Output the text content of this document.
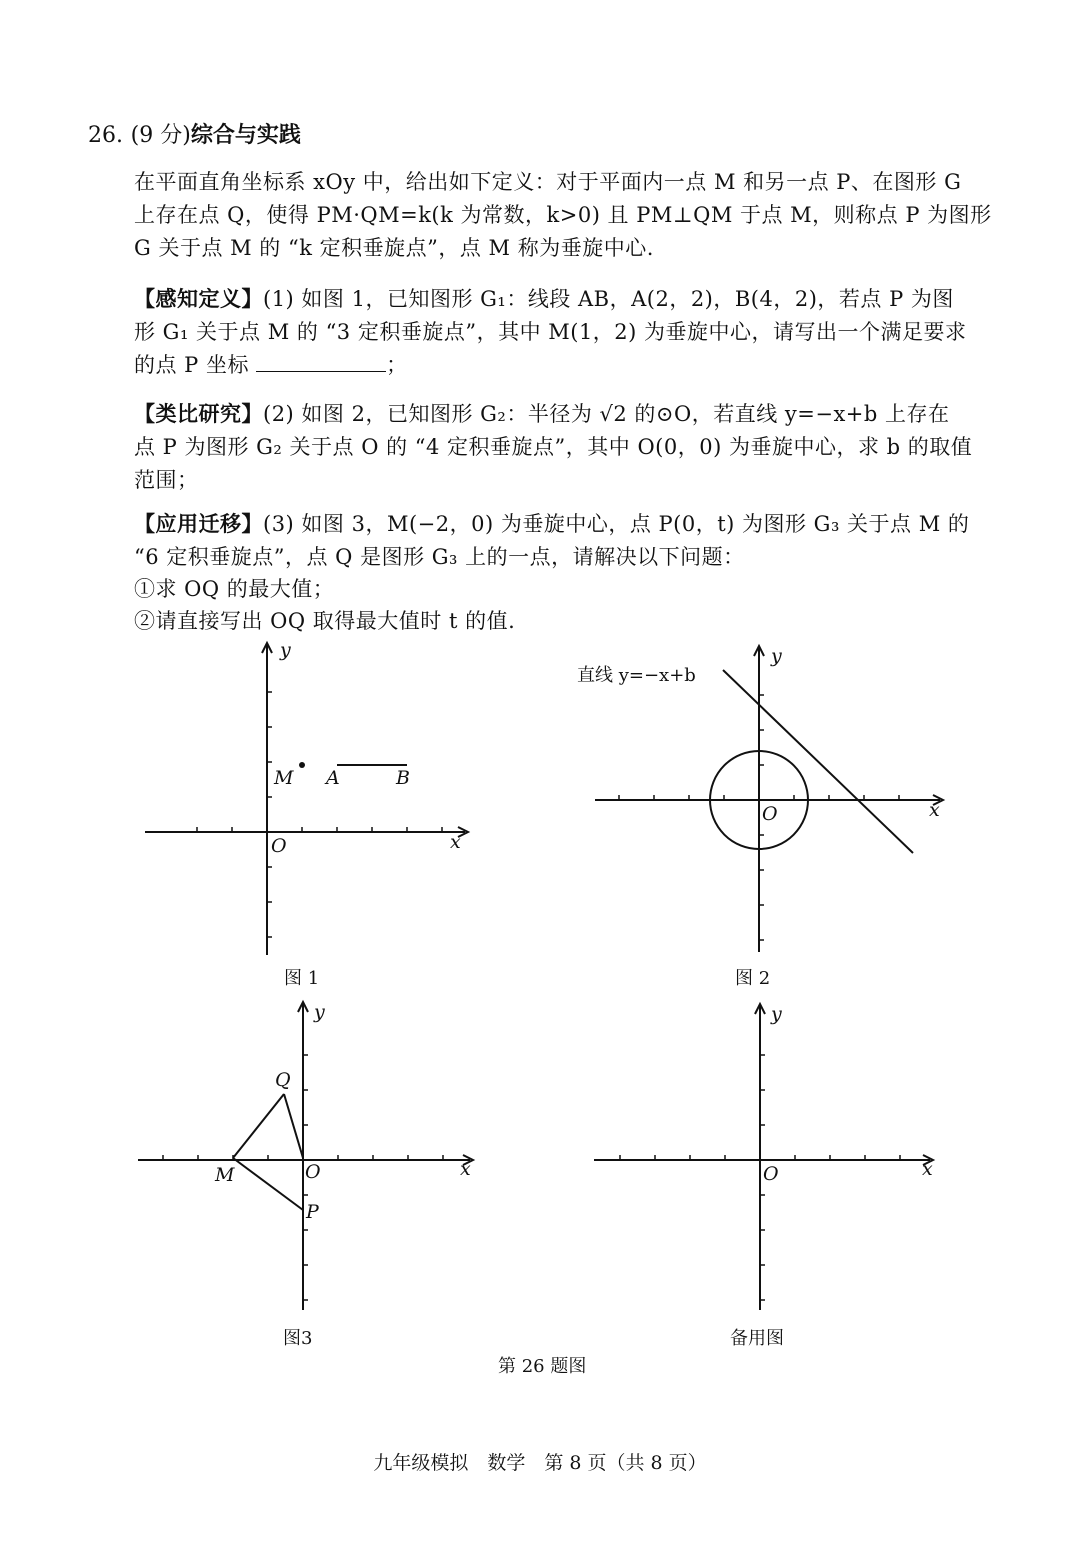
26. (9 分)综合与实践
在平面直角坐标系 xOy 中，给出如下定义：对于平面内一点 M 和另一点 P、在图形 G
上存在点 Q，使得 PM·QM=k(k 为常数，k>0) 且 PM⊥QM 于点 M，则称点 P 为图形
G 关于点 M 的 “k 定积垂旋点”，点 M 称为垂旋中心.
【感知定义】(1) 如图 1，已知图形 G₁：线段 AB，A(2，2)，B(4，2)，若点 P 为图
形 G₁ 关于点 M 的 “3 定积垂旋点”，其中 M(1，2) 为垂旋中心，请写出一个满足要求
的点 P 坐标	；
【类比研究】(2) 如图 2，已知图形 G₂：半径为 √2 的⊙O，若直线 y=−x+b 上存在
点 P 为图形 G₂ 关于点 O 的 “4 定积垂旋点”，其中 O(0，0) 为垂旋中心，求 b 的取值
范围；
【应用迁移】(3) 如图 3，M(−2，0) 为垂旋中心，点 P(0，t) 为图形 G₃ 关于点 M 的
“6 定积垂旋点”，点 Q 是图形 G₃ 上的一点，请解决以下问题：
①求 OQ 的最大值；
②请直接写出 OQ 取得最大值时 t 的值.
x
y
O
M A	B
图 1
x
y
O
直线 y=−x+b
图 2
x
y
O
M
Q
P
图3
x
y
O
备用图
第 26 题图
九年级模拟　数学　第 8 页（共 8 页）
